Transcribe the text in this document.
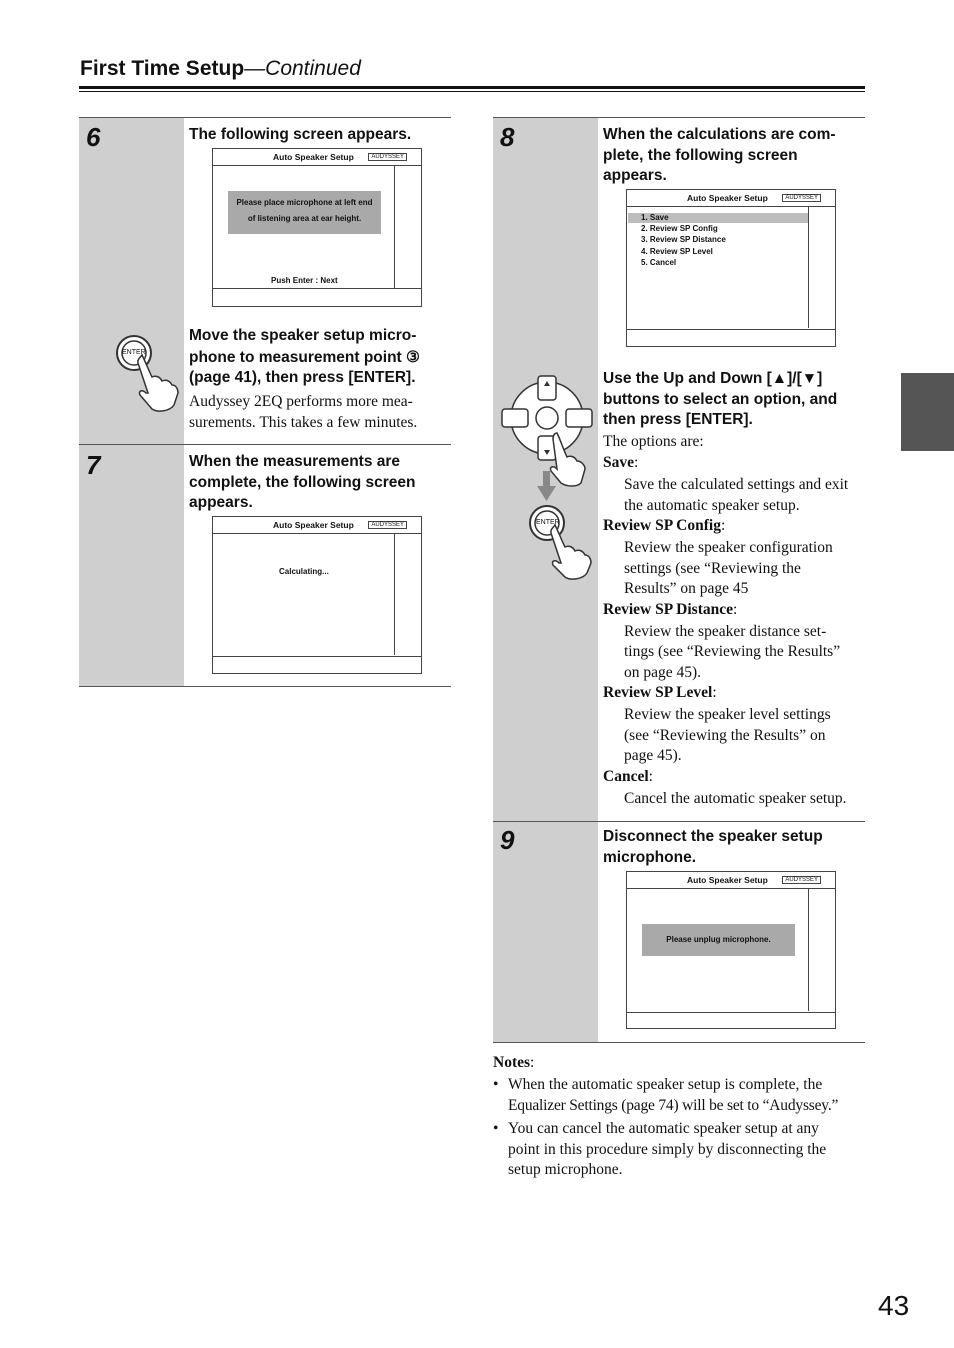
First Time Setup—Continued
6	The following screen appears.
Auto Speaker Setup	AUDYSSEY
Please place microphone at left end
of listening area at ear height.
Push Enter : Next
ENTER
Move the speaker setup micro-
phone to measurement point ③
(page 41), then press [ENTER].
Audyssey 2EQ performs more mea-
surements. This takes a few minutes.
7	When the measurements are
complete, the following screen
appears.
Auto Speaker Setup	AUDYSSEY
Calculating...
8	When the calculations are com-
plete, the following screen
appears.
Auto Speaker Setup	AUDYSSEY
1. Save
2. Review SP Config
3. Review SP Distance
4. Review SP Level
5. Cancel
ENTER
Use the Up and Down [▲]/[▼]
buttons to select an option, and
then press [ENTER].
The options are:
Save:
Save the calculated settings and exit
the automatic speaker setup.
Review SP Config:
Review the speaker configuration
settings (see “Reviewing the
Results” on page 45
Review SP Distance:
Review the speaker distance set-
tings (see “Reviewing the Results”
on page 45).
Review SP Level:
Review the speaker level settings
(see “Reviewing the Results” on
page 45).
Cancel:
Cancel the automatic speaker setup.
9	Disconnect the speaker setup
microphone.
Auto Speaker Setup	AUDYSSEY
Please unplug microphone.
Notes:
• When the automatic speaker setup is complete, the
Equalizer Settings (page 74) will be set to “Audyssey.”
• You can cancel the automatic speaker setup at any
point in this procedure simply by disconnecting the
setup microphone.
43
